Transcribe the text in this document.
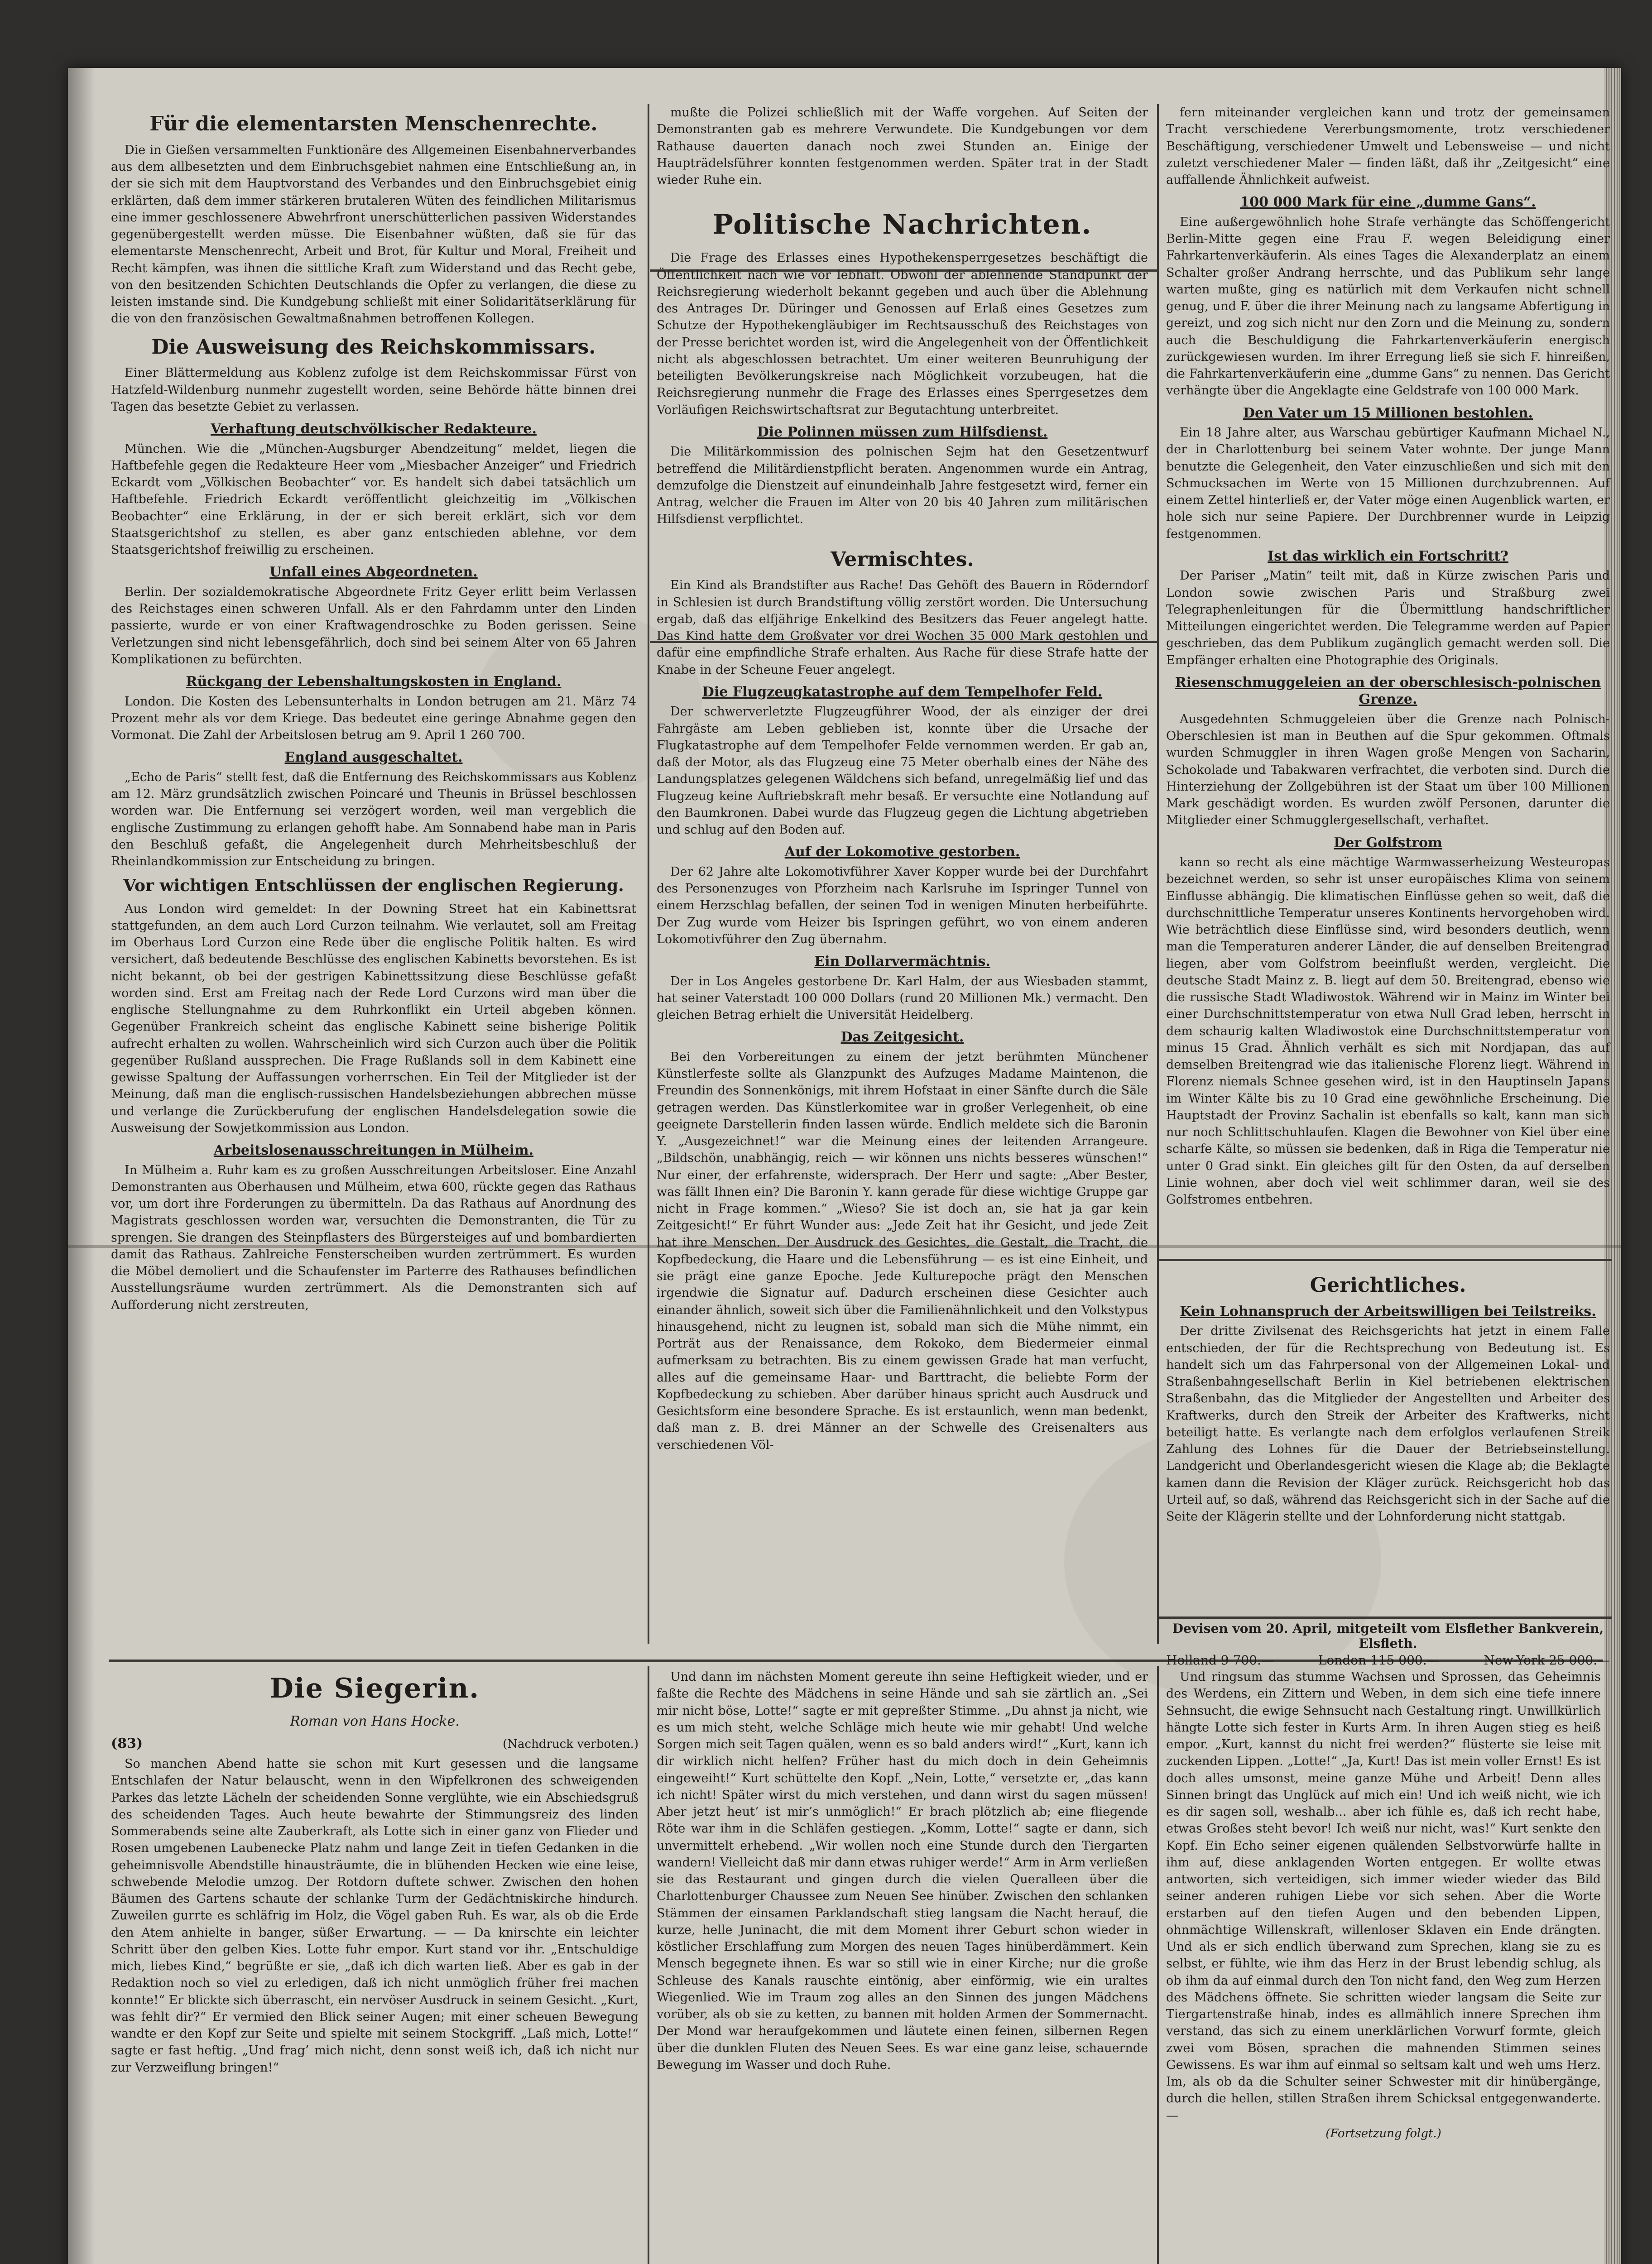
Für die elementarsten Menschenrechte.

Die in Gießen versammelten Funktionäre des Allgemeinen Eisenbahnerverbandes aus dem allbesetzten und dem Einbruchsgebiet nahmen eine Entschließung an, in der sie sich mit dem Hauptvorstand des Verbandes und den Einbruchsgebiet einig erklärten, daß dem immer stärkeren brutaleren Wüten des feindlichen Militarismus eine immer geschlossenere Abwehrfront unerschütterlichen passiven Widerstandes gegenübergestellt werden müsse. Die Eisenbahner wüßten, daß sie für das elementarste Menschenrecht, Arbeit und Brot, für Kultur und Moral, Freiheit und Recht kämpfen, was ihnen die sittliche Kraft zum Widerstand und das Recht gebe, von den besitzenden Schichten Deutschlands die Opfer zu verlangen, die diese zu leisten imstande sind. Die Kundgebung schließt mit einer Solidaritätserklärung für die von den französischen Gewaltmaßnahmen betroffenen Kollegen.

Die Ausweisung des Reichskommissars.

Einer Blättermeldung aus Koblenz zufolge ist dem Reichskommissar Fürst von Hatzfeld-Wildenburg nunmehr zugestellt worden, seine Behörde hätte binnen drei Tagen das besetzte Gebiet zu verlassen.

Verhaftung deutschvölkischer Redakteure.

München. Wie die „München-Augsburger Abendzeitung“ meldet, liegen die Haftbefehle gegen die Redakteure Heer vom „Miesbacher Anzeiger“ und Friedrich Eckardt vom „Völkischen Beobachter“ vor. Es handelt sich dabei tatsächlich um Haftbefehle. Friedrich Eckardt veröffentlicht gleichzeitig im „Völkischen Beobachter“ eine Erklärung, in der er sich bereit erklärt, sich vor dem Staatsgerichtshof zu stellen, es aber ganz entschieden ablehne, vor dem Staatsgerichtshof freiwillig zu erscheinen.

Unfall eines Abgeordneten.

Berlin. Der sozialdemokratische Abgeordnete Fritz Geyer erlitt beim Verlassen des Reichstages einen schweren Unfall. Als er den Fahrdamm unter den Linden passierte, wurde er von einer Kraftwagendroschke zu Boden gerissen. Seine Verletzungen sind nicht lebensgefährlich, doch sind bei seinem Alter von 65 Jahren Komplikationen zu befürchten.

Rückgang der Lebenshaltungskosten in England.

London. Die Kosten des Lebensunterhalts in London betrugen am 21. März 74 Prozent mehr als vor dem Kriege. Das bedeutet eine geringe Abnahme gegen den Vormonat. Die Zahl der Arbeitslosen betrug am 9. April 1 260 700.

England ausgeschaltet.

„Echo de Paris“ stellt fest, daß die Entfernung des Reichskommissars aus Koblenz am 12. März grundsätzlich zwischen Poincaré und Theunis in Brüssel beschlossen worden war. Die Entfernung sei verzögert worden, weil man vergeblich die englische Zustimmung zu erlangen gehofft habe. Am Sonnabend habe man in Paris den Beschluß gefaßt, die Angelegenheit durch Mehrheitsbeschluß der Rheinlandkommission zur Entscheidung zu bringen.

Vor wichtigen Entschlüssen der englischen Regierung.

Aus London wird gemeldet: In der Downing Street hat ein Kabinettsrat stattgefunden, an dem auch Lord Curzon teilnahm. Wie verlautet, soll am Freitag im Oberhaus Lord Curzon eine Rede über die englische Politik halten. Es wird versichert, daß bedeutende Beschlüsse des englischen Kabinetts bevorstehen. Es ist nicht bekannt, ob bei der gestrigen Kabinettssitzung diese Beschlüsse gefaßt worden sind. Erst am Freitag nach der Rede Lord Curzons wird man über die englische Stellungnahme zu dem Ruhrkonflikt ein Urteil abgeben können. Gegenüber Frankreich scheint das englische Kabinett seine bisherige Politik aufrecht erhalten zu wollen. Wahrscheinlich wird sich Curzon auch über die Politik gegenüber Rußland aussprechen. Die Frage Rußlands soll in dem Kabinett eine gewisse Spaltung der Auffassungen vorherrschen. Ein Teil der Mitglieder ist der Meinung, daß man die englisch-russischen Handelsbeziehungen abbrechen müsse und verlange die Zurückberufung der englischen Handelsdelegation sowie die Ausweisung der Sowjetkommission aus London.

Arbeitslosenausschreitungen in Mülheim.

In Mülheim a. Ruhr kam es zu großen Ausschreitungen Arbeitsloser. Eine Anzahl Demonstranten aus Oberhausen und Mülheim, etwa 600, rückte gegen das Rathaus vor, um dort ihre Forderungen zu übermitteln. Da das Rathaus auf Anordnung des Magistrats geschlossen worden war, versuchten die Demonstranten, die Tür zu sprengen. Sie drangen des Steinpflasters des Bürgersteiges auf und bombardierten damit das Rathaus. Zahlreiche Fensterscheiben wurden zertrümmert. Es wurden die Möbel demoliert und die Schaufenster im Parterre des Rathauses befindlichen Ausstellungsräume wurden zertrümmert. Als die Demonstranten sich auf Aufforderung nicht zerstreuten,

mußte die Polizei schließlich mit der Waffe vorgehen. Auf Seiten der Demonstranten gab es mehrere Verwundete. Die Kundgebungen vor dem Rathause dauerten danach noch zwei Stunden an. Einige der Haupträdelsführer konnten festgenommen werden. Später trat in der Stadt wieder Ruhe ein.

Politische Nachrichten.

Die Frage des Erlasses eines Hypothekensperrgesetzes beschäftigt die Öffentlichkeit nach wie vor lebhaft. Obwohl der ablehnende Standpunkt der Reichsregierung wiederholt bekannt gegeben und auch über die Ablehnung des Antrages Dr. Düringer und Genossen auf Erlaß eines Gesetzes zum Schutze der Hypothekengläubiger im Rechtsausschuß des Reichstages von der Presse berichtet worden ist, wird die Angelegenheit von der Öffentlichkeit nicht als abgeschlossen betrachtet. Um einer weiteren Beunruhigung der beteiligten Bevölkerungskreise nach Möglichkeit vorzubeugen, hat die Reichsregierung nunmehr die Frage des Erlasses eines Sperrgesetzes dem Vorläufigen Reichswirtschaftsrat zur Begutachtung unterbreitet.

Die Polinnen müssen zum Hilfsdienst.

Die Militärkommission des polnischen Sejm hat den Gesetzentwurf betreffend die Militärdienstpflicht beraten. Angenommen wurde ein Antrag, demzufolge die Dienstzeit auf einundeinhalb Jahre festgesetzt wird, ferner ein Antrag, welcher die Frauen im Alter von 20 bis 40 Jahren zum militärischen Hilfsdienst verpflichtet.

Vermischtes.

Ein Kind als Brandstifter aus Rache! Das Gehöft des Bauern in Röderndorf in Schlesien ist durch Brandstiftung völlig zerstört worden. Die Untersuchung ergab, daß das elfjährige Enkelkind des Besitzers das Feuer angelegt hatte. Das Kind hatte dem Großvater vor drei Wochen 35 000 Mark gestohlen und dafür eine empfindliche Strafe erhalten. Aus Rache für diese Strafe hatte der Knabe in der Scheune Feuer angelegt.

Die Flugzeugkatastrophe auf dem Tempelhofer Feld.

Der schwerverletzte Flugzeugführer Wood, der als einziger der drei Fahrgäste am Leben geblieben ist, konnte über die Ursache der Flugkatastrophe auf dem Tempelhofer Felde vernommen werden. Er gab an, daß der Motor, als das Flugzeug eine 75 Meter oberhalb eines der Nähe des Landungsplatzes gelegenen Wäldchens sich befand, unregelmäßig lief und das Flugzeug keine Auftriebskraft mehr besaß. Er versuchte eine Notlandung auf den Baumkronen. Dabei wurde das Flugzeug gegen die Lichtung abgetrieben und schlug auf den Boden auf.

Auf der Lokomotive gestorben.

Der 62 Jahre alte Lokomotivführer Xaver Kopper wurde bei der Durchfahrt des Personenzuges von Pforzheim nach Karlsruhe im Ispringer Tunnel von einem Herzschlag befallen, der seinen Tod in wenigen Minuten herbeiführte. Der Zug wurde vom Heizer bis Ispringen geführt, wo von einem anderen Lokomotivführer den Zug übernahm.

Ein Dollarvermächtnis.

Der in Los Angeles gestorbene Dr. Karl Halm, der aus Wiesbaden stammt, hat seiner Vaterstadt 100 000 Dollars (rund 20 Millionen Mk.) vermacht. Den gleichen Betrag erhielt die Universität Heidelberg.

Das Zeitgesicht.

Bei den Vorbereitungen zu einem der jetzt berühmten Münchener Künstlerfeste sollte als Glanzpunkt des Aufzuges Madame Maintenon, die Freundin des Sonnenkönigs, mit ihrem Hofstaat in einer Sänfte durch die Säle getragen werden. Das Künstlerkomitee war in großer Verlegenheit, ob eine geeignete Darstellerin finden lassen würde. Endlich meldete sich die Baronin Y. „Ausgezeichnet!“ war die Meinung eines der leitenden Arrangeure. „Bildschön, unabhängig, reich — wir können uns nichts besseres wünschen!“ Nur einer, der erfahrenste, widersprach. Der Herr und sagte: „Aber Bester, was fällt Ihnen ein? Die Baronin Y. kann gerade für diese wichtige Gruppe gar nicht in Frage kommen.“ „Wieso? Sie ist doch an, sie hat ja gar kein Zeitgesicht!“ Er führt Wunder aus: „Jede Zeit hat ihr Gesicht, und jede Zeit hat ihre Menschen. Der Ausdruck des Gesichtes, die Gestalt, die Tracht, die Kopfbedeckung, die Haare und die Lebensführung — es ist eine Einheit, und sie prägt eine ganze Epoche. Jede Kulturepoche prägt den Menschen irgendwie die Signatur auf. Dadurch erscheinen diese Gesichter auch einander ähnlich, soweit sich über die Familienähnlichkeit und den Volkstypus hinausgehend, nicht zu leugnen ist, sobald man sich die Mühe nimmt, ein Porträt aus der Renaissance, dem Rokoko, dem Biedermeier einmal aufmerksam zu betrachten. Bis zu einem gewissen Grade hat man verfucht, alles auf die gemeinsame Haar- und Barttracht, die beliebte Form der Kopfbedeckung zu schieben. Aber darüber hinaus spricht auch Ausdruck und Gesichtsform eine besondere Sprache. Es ist erstaunlich, wenn man bedenkt, daß man z. B. drei Männer an der Schwelle des Greisenalters aus verschiedenen Völ-

fern miteinander vergleichen kann und trotz der gemeinsamen Tracht verschiedene Vererbungsmomente, trotz verschiedener Beschäftigung, verschiedener Umwelt und Lebensweise — und nicht zuletzt verschiedener Maler — finden läßt, daß ihr „Zeitgesicht“ eine auffallende Ähnlichkeit aufweist.

100 000 Mark für eine „dumme Gans“.

Eine außergewöhnlich hohe Strafe verhängte das Schöffengericht Berlin-Mitte gegen eine Frau F. wegen Beleidigung einer Fahrkartenverkäuferin. Als eines Tages die Alexanderplatz an einem Schalter großer Andrang herrschte, und das Publikum sehr lange warten mußte, ging es natürlich mit dem Verkaufen nicht schnell genug, und F. über die ihrer Meinung nach zu langsame Abfertigung in gereizt, und zog sich nicht nur den Zorn und die Meinung zu, sondern auch die Beschuldigung die Fahrkartenverkäuferin energisch zurückgewiesen wurden. Im ihrer Erregung ließ sie sich F. hinreißen, die Fahrkartenverkäuferin eine „dumme Gans“ zu nennen. Das Gericht verhängte über die Angeklagte eine Geldstrafe von 100 000 Mark.

Den Vater um 15 Millionen bestohlen.

Ein 18 Jahre alter, aus Warschau gebürtiger Kaufmann Michael N., der in Charlottenburg bei seinem Vater wohnte. Der junge Mann benutzte die Gelegenheit, den Vater einzuschließen und sich mit den Schmucksachen im Werte von 15 Millionen durchzubrennen. Auf einem Zettel hinterließ er, der Vater möge einen Augenblick warten, er hole sich nur seine Papiere. Der Durchbrenner wurde in Leipzig festgenommen.

Ist das wirklich ein Fortschritt?

Der Pariser „Matin“ teilt mit, daß in Kürze zwischen Paris und London sowie zwischen Paris und Straßburg zwei Telegraphenleitungen für die Übermittlung handschriftlicher Mitteilungen eingerichtet werden. Die Telegramme werden auf Papier geschrieben, das dem Publikum zugänglich gemacht werden soll. Die Empfänger erhalten eine Photographie des Originals.

Riesenschmuggeleien an der oberschlesisch-polnischen Grenze.

Ausgedehnten Schmuggeleien über die Grenze nach Polnisch-Oberschlesien ist man in Beuthen auf die Spur gekommen. Oftmals wurden Schmuggler in ihren Wagen große Mengen von Sacharin, Schokolade und Tabakwaren verfrachtet, die verboten sind. Durch die Hinterziehung der Zollgebühren ist der Staat um über 100 Millionen Mark geschädigt worden. Es wurden zwölf Personen, darunter die Mitglieder einer Schmugglergesellschaft, verhaftet.

Der Golfstrom

kann so recht als eine mächtige Warmwasserheizung Westeuropas bezeichnet werden, so sehr ist unser europäisches Klima von seinem Einflusse abhängig. Die klimatischen Einflüsse gehen so weit, daß die durchschnittliche Temperatur unseres Kontinents hervorgehoben wird. Wie beträchtlich diese Einflüsse sind, wird besonders deutlich, wenn man die Temperaturen anderer Länder, die auf denselben Breitengrad liegen, aber vom Golfstrom beeinflußt werden, vergleicht. Die deutsche Stadt Mainz z. B. liegt auf dem 50. Breitengrad, ebenso wie die russische Stadt Wladiwostok. Während wir in Mainz im Winter bei einer Durchschnittstemperatur von etwa Null Grad leben, herrscht in dem schaurig kalten Wladiwostok eine Durchschnittstemperatur von minus 15 Grad. Ähnlich verhält es sich mit Nordjapan, das auf demselben Breitengrad wie das italienische Florenz liegt. Während in Florenz niemals Schnee gesehen wird, ist in den Hauptinseln Japans im Winter Kälte bis zu 10 Grad eine gewöhnliche Erscheinung. Die Hauptstadt der Provinz Sachalin ist ebenfalls so kalt, kann man sich nur noch Schlittschuhlaufen. Klagen die Bewohner von Kiel über eine scharfe Kälte, so müssen sie bedenken, daß in Riga die Temperatur nie unter 0 Grad sinkt. Ein gleiches gilt für den Osten, da auf derselben Linie wohnen, aber doch viel weit schlimmer daran, weil sie des Golfstromes entbehren.

Gerichtliches.
Kein Lohnanspruch der Arbeitswilligen bei Teilstreiks.

Der dritte Zivilsenat des Reichsgerichts hat jetzt in einem Falle entschieden, der für die Rechtsprechung von Bedeutung ist. Es handelt sich um das Fahrpersonal von der Allgemeinen Lokal- und Straßenbahngesellschaft Berlin in Kiel betriebenen elektrischen Straßenbahn, das die Mitglieder der Angestellten und Arbeiter des Kraftwerks, durch den Streik der Arbeiter des Kraftwerks, nicht beteiligt hatte. Es verlangte nach dem erfolglos verlaufenen Streik Zahlung des Lohnes für die Dauer der Betriebseinstellung. Landgericht und Oberlandesgericht wiesen die Klage ab; die Beklagte kamen dann die Revision der Kläger zurück. Reichsgericht hob das Urteil auf, so daß, während das Reichsgericht sich in der Sache auf die Seite der Klägerin stellte und der Lohnforderung nicht stattgab.

Devisen vom 20. April, mitgeteilt vom Elsflether Bankverein, Elsfleth.
Holland 9 700.—	London 115 000.—	New-York 25 000.—
Die Siegerin.
Roman von Hans Hocke.
(83)	(Nachdruck verboten.)

So manchen Abend hatte sie schon mit Kurt gesessen und die langsame Entschlafen der Natur belauscht, wenn in den Wipfelkronen des schweigenden Parkes das letzte Lächeln der scheidenden Sonne verglühte, wie ein Abschiedsgruß des scheidenden Tages. Auch heute bewahrte der Stimmungsreiz des linden Sommerabends seine alte Zauberkraft, als Lotte sich in einer ganz von Flieder und Rosen umgebenen Laubenecke Platz nahm und lange Zeit in tiefen Gedanken in die geheimnisvolle Abendstille hinausträumte, die in blühenden Hecken wie eine leise, schwebende Melodie umzog. Der Rotdorn duftete schwer. Zwischen den hohen Bäumen des Gartens schaute der schlanke Turm der Gedächtniskirche hindurch. Zuweilen gurrte es schläfrig im Holz, die Vögel gaben Ruh. Es war, als ob die Erde den Atem anhielte in banger, süßer Erwartung. — — Da knirschte ein leichter Schritt über den gelben Kies. Lotte fuhr empor. Kurt stand vor ihr. „Entschuldige mich, liebes Kind,“ begrüßte er sie, „daß ich dich warten ließ. Aber es gab in der Redaktion noch so viel zu erledigen, daß ich nicht unmöglich früher frei machen konnte!“ Er blickte sich überrascht, ein nervöser Ausdruck in seinem Gesicht. „Kurt, was fehlt dir?“ Er vermied den Blick seiner Augen; mit einer scheuen Bewegung wandte er den Kopf zur Seite und spielte mit seinem Stockgriff. „Laß mich, Lotte!“ sagte er fast heftig. „Und frag’ mich nicht, denn sonst weiß ich, daß ich nicht nur zur Verzweiflung bringen!“

Und dann im nächsten Moment gereute ihn seine Heftigkeit wieder, und er faßte die Rechte des Mädchens in seine Hände und sah sie zärtlich an. „Sei mir nicht böse, Lotte!“ sagte er mit gepreßter Stimme. „Du ahnst ja nicht, wie es um mich steht, welche Schläge mich heute wie mir gehabt! Und welche Sorgen mich seit Tagen quälen, wenn es so bald anders wird!“ „Kurt, kann ich dir wirklich nicht helfen? Früher hast du mich doch in dein Geheimnis eingeweiht!“ Kurt schüttelte den Kopf. „Nein, Lotte,“ versetzte er, „das kann ich nicht! Später wirst du mich verstehen, und dann wirst du sagen müssen! Aber jetzt heut’ ist mir’s unmöglich!“ Er brach plötzlich ab; eine fliegende Röte war ihm in die Schläfen gestiegen. „Komm, Lotte!“ sagte er dann, sich unvermittelt erhebend. „Wir wollen noch eine Stunde durch den Tiergarten wandern! Vielleicht daß mir dann etwas ruhiger werde!“ Arm in Arm verließen sie das Restaurant und gingen durch die vielen Queralleen über die Charlottenburger Chaussee zum Neuen See hinüber. Zwischen den schlanken Stämmen der einsamen Parklandschaft stieg langsam die Nacht herauf, die kurze, helle Juninacht, die mit dem Moment ihrer Geburt schon wieder in köstlicher Erschlaffung zum Morgen des neuen Tages hinüberdämmert. Kein Mensch begegnete ihnen. Es war so still wie in einer Kirche; nur die große Schleuse des Kanals rauschte eintönig, aber einförmig, wie ein uraltes Wiegenlied. Wie im Traum zog alles an den Sinnen des jungen Mädchens vorüber, als ob sie zu ketten, zu bannen mit holden Armen der Sommernacht. Der Mond war heraufgekommen und läutete einen feinen, silbernen Regen über die dunklen Fluten des Neuen Sees. Es war eine ganz leise, schauernde Bewegung im Wasser und doch Ruhe.

Und ringsum das stumme Wachsen und Sprossen, das Geheimnis des Werdens, ein Zittern und Weben, in dem sich eine tiefe innere Sehnsucht, die ewige Sehnsucht nach Gestaltung ringt. Unwillkürlich hängte Lotte sich fester in Kurts Arm. In ihren Augen stieg es heiß empor. „Kurt, kannst du nicht frei werden?“ flüsterte sie leise mit zuckenden Lippen. „Lotte!“ „Ja, Kurt! Das ist mein voller Ernst! Es ist doch alles umsonst, meine ganze Mühe und Arbeit! Denn alles Sinnen bringt das Unglück auf mich ein! Und ich weiß nicht, wie ich es dir sagen soll, weshalb... aber ich fühle es, daß ich recht habe, etwas Großes steht bevor! Ich weiß nur nicht, was!“ Kurt senkte den Kopf. Ein Echo seiner eigenen quälenden Selbstvorwürfe hallte in ihm auf, diese anklagenden Worten entgegen. Er wollte etwas antworten, sich verteidigen, sich immer wieder wieder das Bild seiner anderen ruhigen Liebe vor sich sehen. Aber die Worte erstarben auf den tiefen Augen und den bebenden Lippen, ohnmächtige Willenskraft, willenloser Sklaven ein Ende drängten. Und als er sich endlich überwand zum Sprechen, klang sie zu es selbst, er fühlte, wie ihm das Herz in der Brust lebendig schlug, als ob ihm da auf einmal durch den Ton nicht fand, den Weg zum Herzen des Mädchens öffnete. Sie schritten wieder langsam die Seite zur Tiergartenstraße hinab, indes es allmählich innere Sprechen ihm verstand, das sich zu einem unerklärlichen Vorwurf formte, gleich zwei vom Bösen, sprachen die mahnenden Stimmen seines Gewissens. Es war ihm auf einmal so seltsam kalt und weh ums Herz. Im, als ob da die Schulter seiner Schwester mit dir hinübergänge, durch die hellen, stillen Straßen ihrem Schicksal entgegenwanderte. —

(Fortsetzung folgt.)
